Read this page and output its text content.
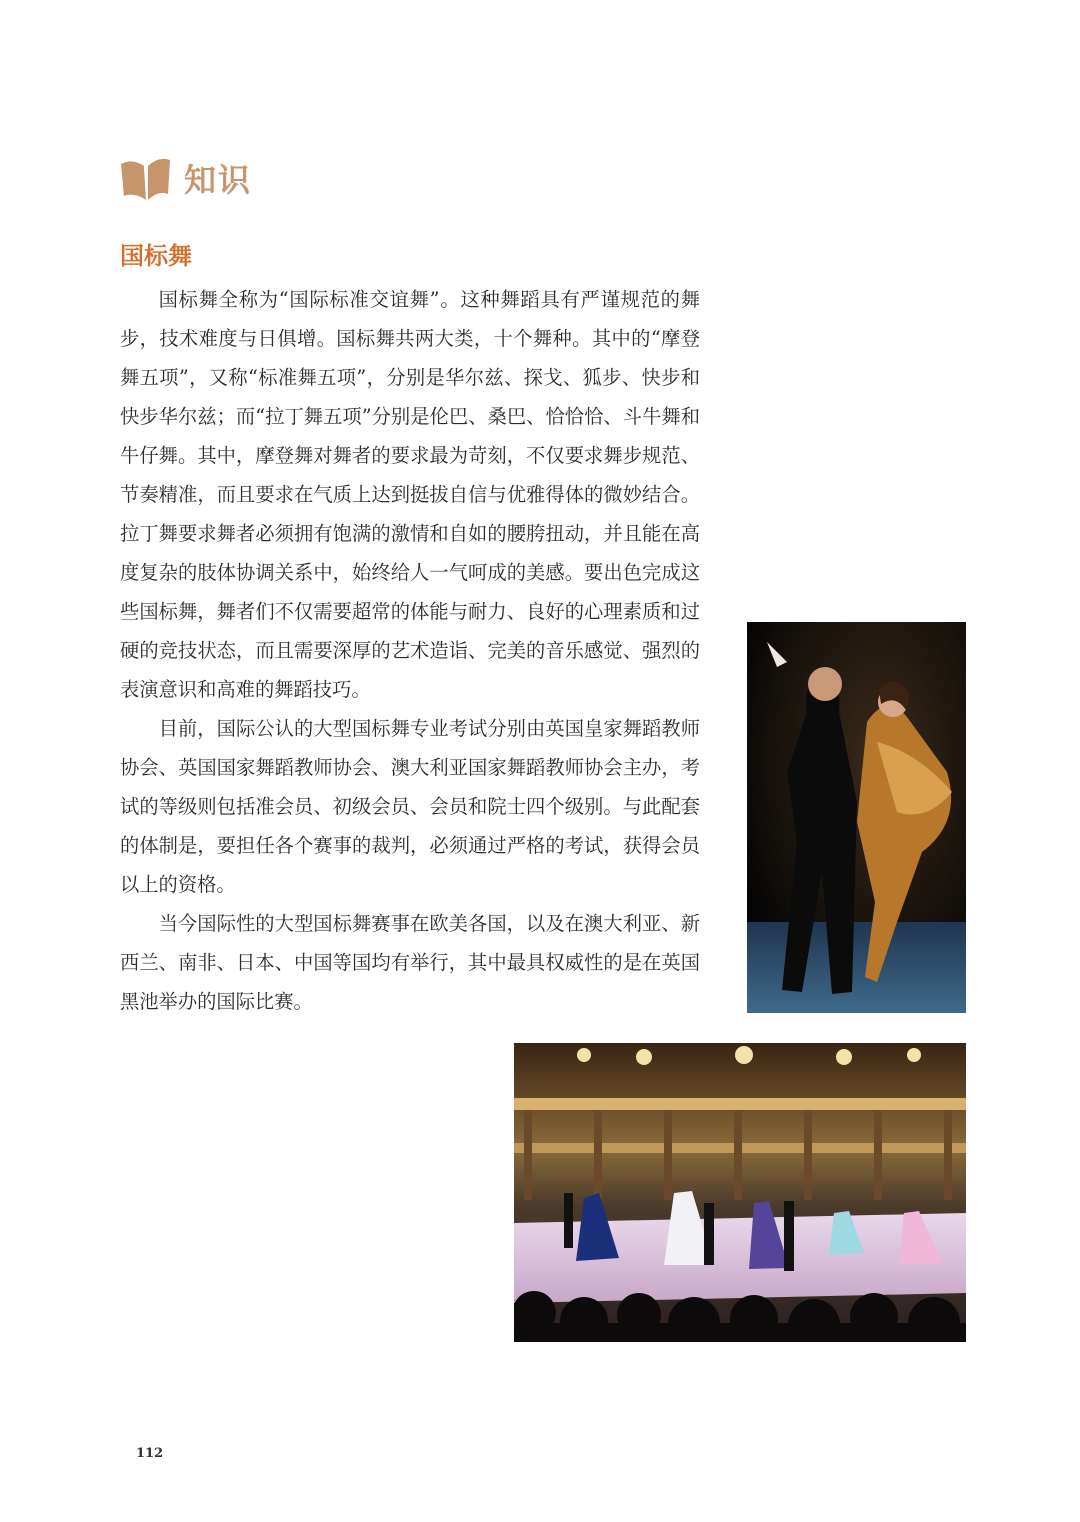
知识
国标舞

国标舞全称为“国际标准交谊舞”。这种舞蹈具有严谨规范的舞步，技术难度与日俱增。国标舞共两大类，十个舞种。其中的“摩登舞五项”，又称“标准舞五项”，分别是华尔兹、探戈、狐步、快步和快步华尔兹；而“拉丁舞五项”分别是伦巴、桑巴、恰恰恰、斗牛舞和牛仔舞。其中，摩登舞对舞者的要求最为苛刻，不仅要求舞步规范、节奏精准，而且要求在气质上达到挺拔自信与优雅得体的微妙结合。拉丁舞要求舞者必须拥有饱满的激情和自如的腰胯扭动，并且能在高度复杂的肢体协调关系中，始终给人一气呵成的美感。要出色完成这些国标舞，舞者们不仅需要超常的体能与耐力、良好的心理素质和过硬的竞技状态，而且需要深厚的艺术造诣、完美的音乐感觉、强烈的表演意识和高难的舞蹈技巧。

目前，国际公认的大型国标舞专业考试分别由英国皇家舞蹈教师协会、英国国家舞蹈教师协会、澳大利亚国家舞蹈教师协会主办，考试的等级则包括准会员、初级会员、会员和院士四个级别。与此配套的体制是，要担任各个赛事的裁判，必须通过严格的考试，获得会员以上的资格。

当今国际性的大型国标舞赛事在欧美各国，以及在澳大利亚、新西兰、南非、日本、中国等国均有举行，其中最具权威性的是在英国黑池举办的国际比赛。

112
